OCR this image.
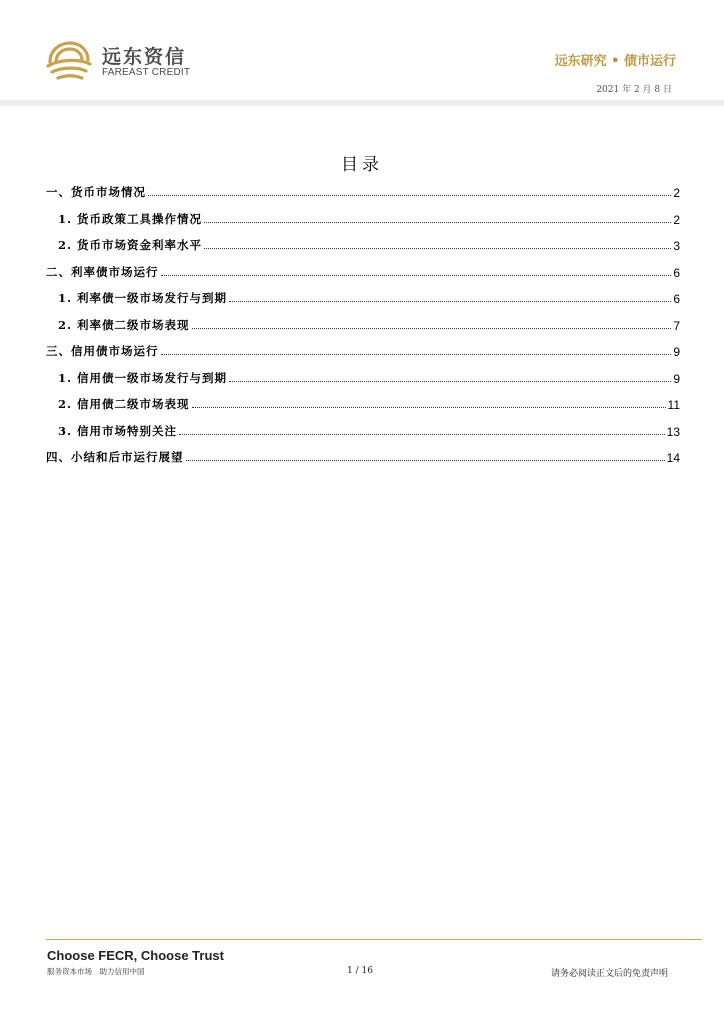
远东资信
FAREAST CREDIT
远东研究 • 债市运行
2021 年 2 月 8 日
目录
一、货币市场情况	2
1. 货币政策工具操作情况	2
2. 货币市场资金利率水平	3
二、利率债市场运行	6
1. 利率债一级市场发行与到期	6
2. 利率债二级市场表现	7
三、信用债市场运行	9
1. 信用债一级市场发行与到期	9
2. 信用债二级市场表现	11
3. 信用市场特别关注	13
四、小结和后市运行展望	14
Choose FECR, Choose Trust
服务资本市场　助力信用中国	1 / 16	请务必阅读正文后的免责声明
